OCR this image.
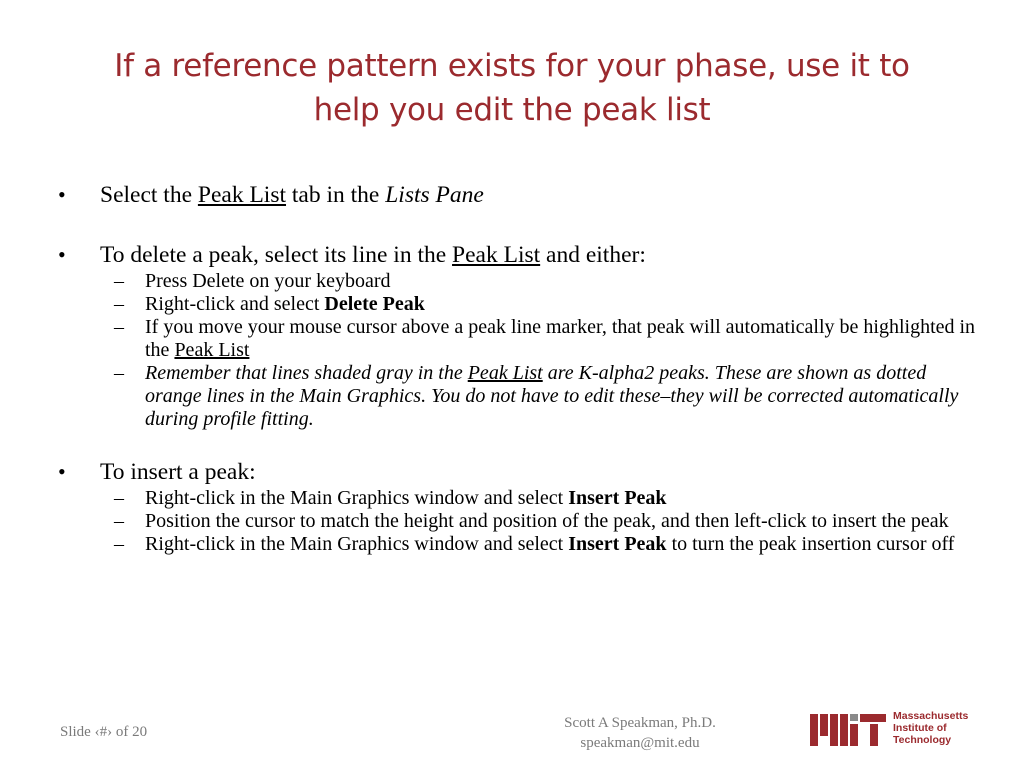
If a reference pattern exists for your phase, use it to
help you edit the peak list
• Select the Peak List tab in the Lists Pane
• To delete a peak, select its line in the Peak List and either:
– Press Delete on your keyboard
– Right-click and select Delete Peak
– If you move your mouse cursor above a peak line marker, that peak will automatically be highlighted in the Peak List
– Remember that lines shaded gray in the Peak List are K-alpha2 peaks. These are shown as dotted orange lines in the Main Graphics. You do not have to edit these–they will be corrected automatically during profile fitting.
• To insert a peak:
– Right-click in the Main Graphics window and select Insert Peak
– Position the cursor to match the height and position of the peak, and then left-click to insert the peak
– Right-click in the Main Graphics window and select Insert Peak to turn the peak insertion cursor off
Slide ‹#› of 20
Scott A Speakman, Ph.D.
speakman@mit.edu
Massachusetts
Institute of
Technology
